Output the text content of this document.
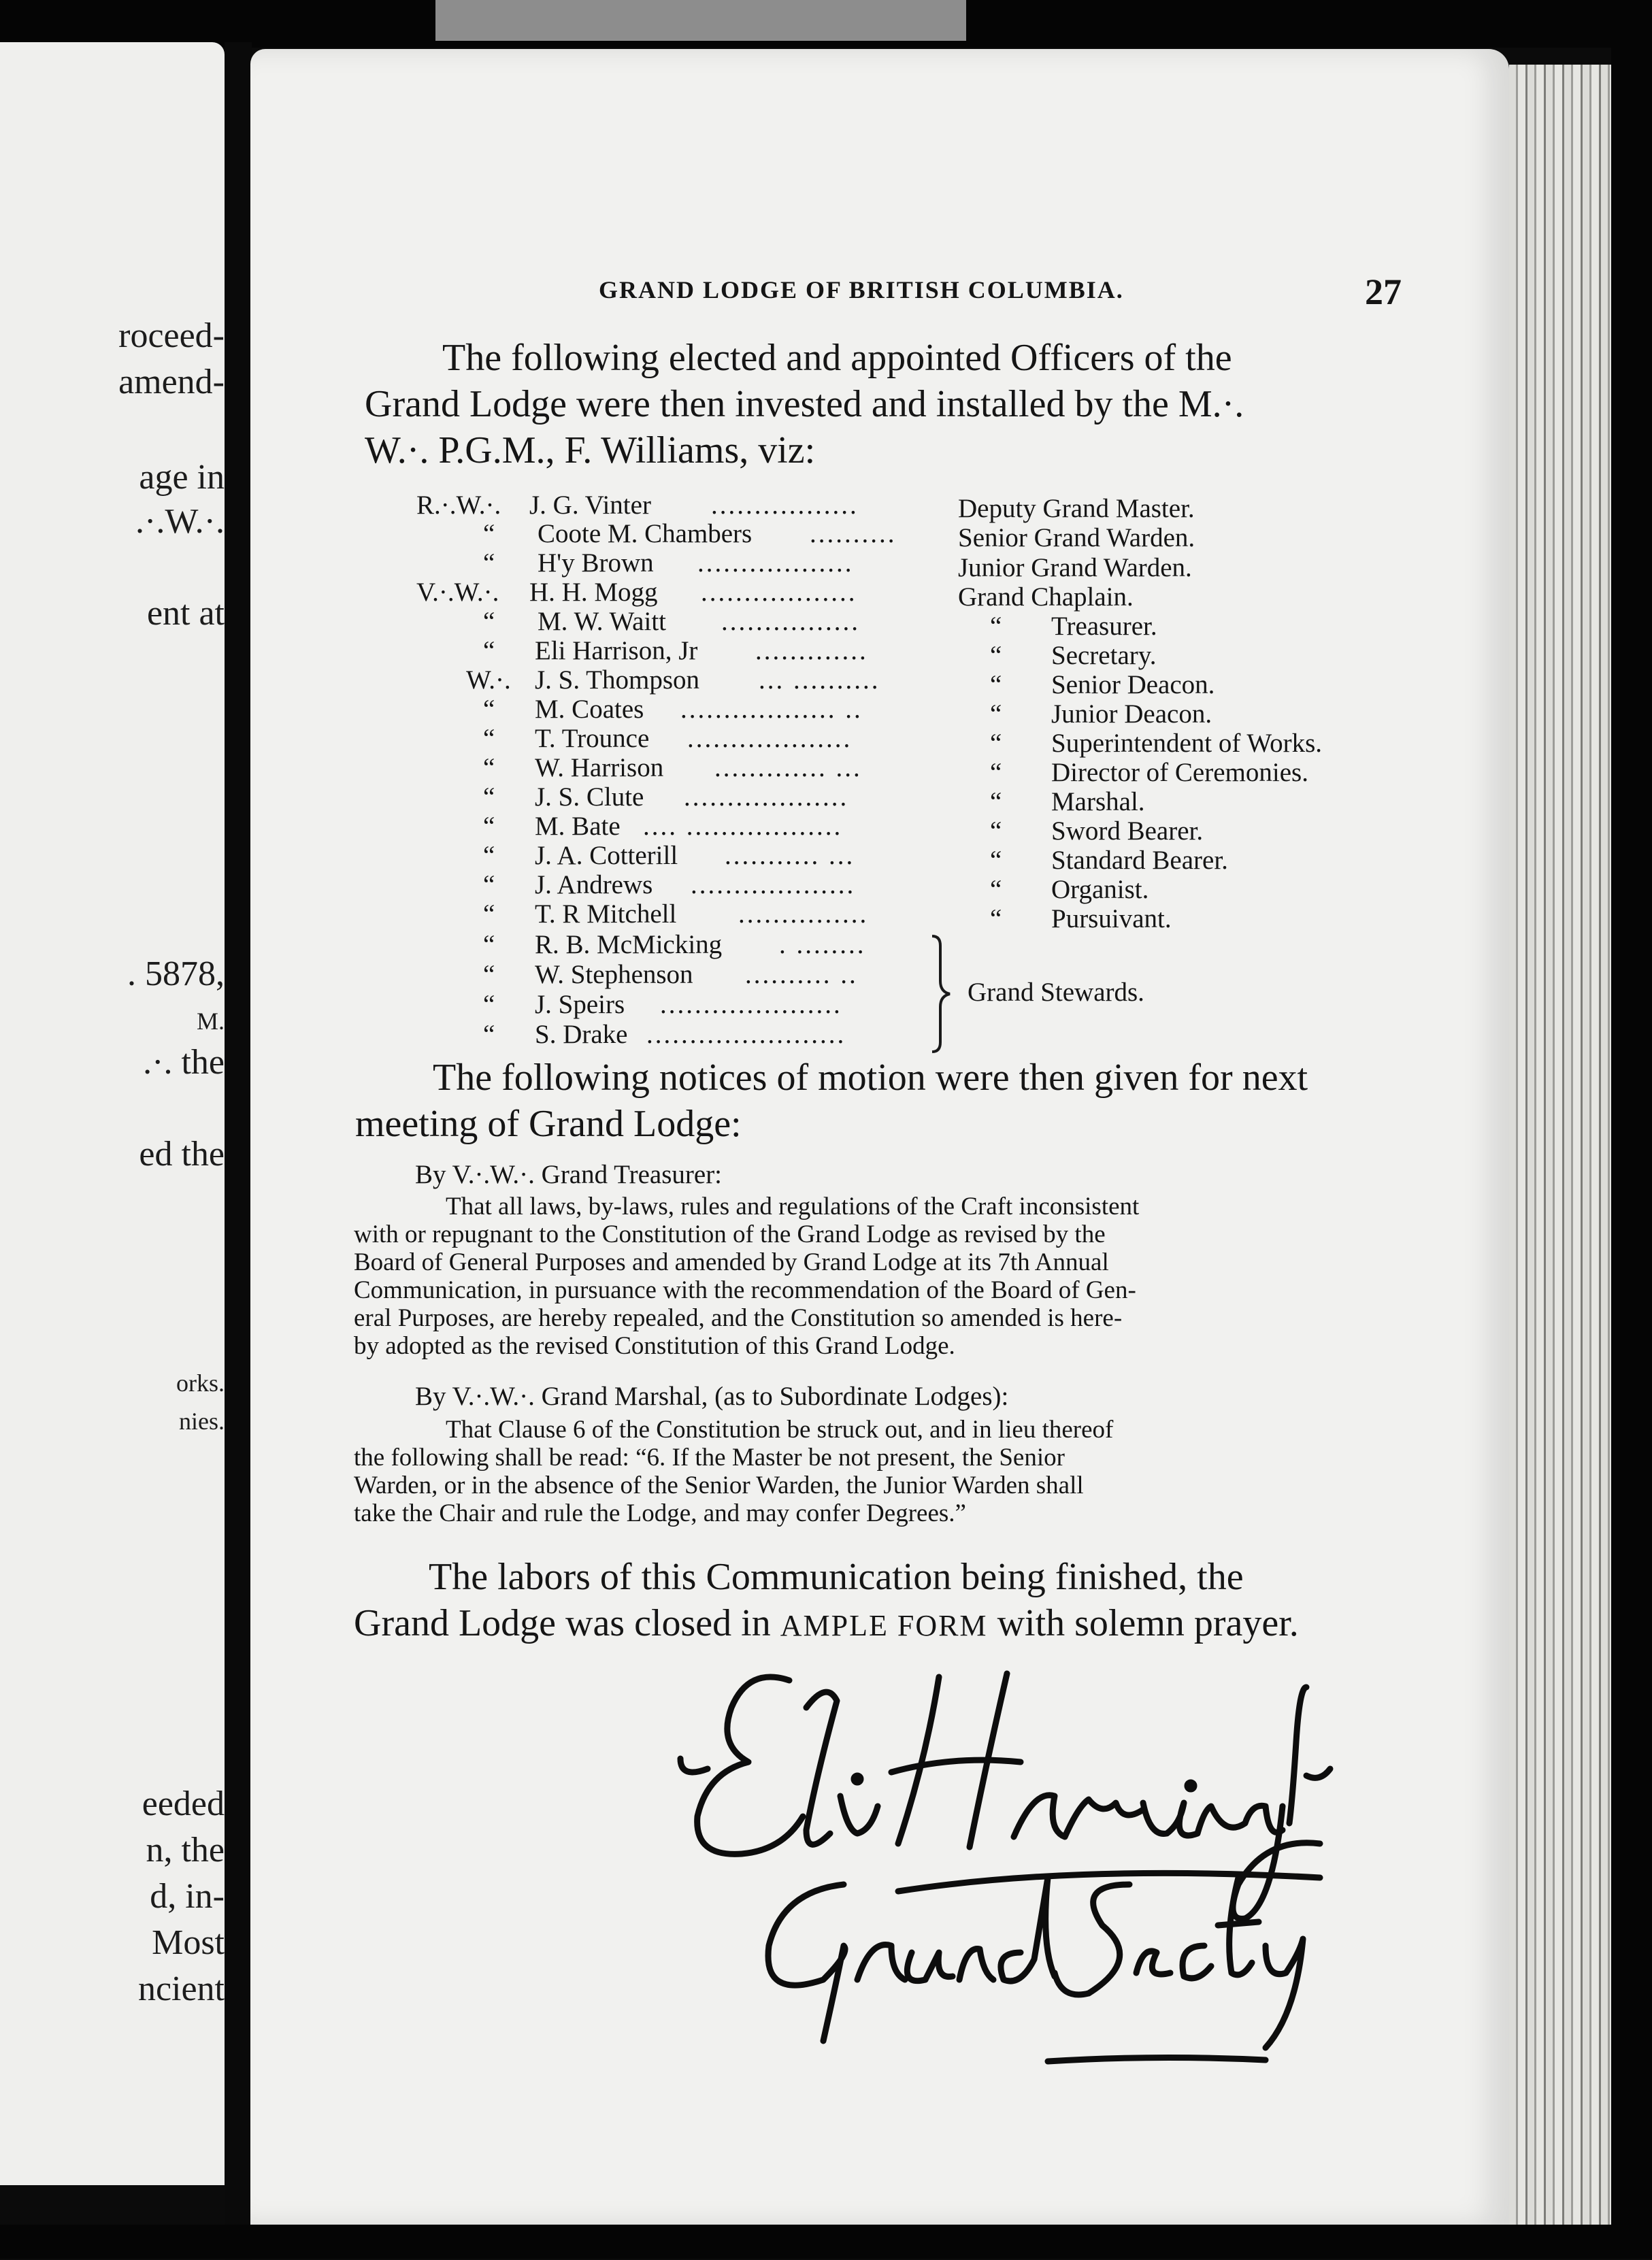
roceed-
amend-
age in
.·.W.·.
ent at
. 5878,
M.
.·. the
ed the
orks.
nies.
eeded
n, the
d, in-
Most
ncient
GRAND LODGE OF BRITISH COLUMBIA.	27
The following elected and appointed Officers of the
Grand Lodge were then invested and installed by the M.·.
W.·. P.G.M., F. Williams, viz:
R.·.W.·. J. G. Vinter .................	Deputy Grand Master.
“ Coote M. Chambers .......... Senior Grand Warden.
“ H'y Brown ..................	Junior Grand Warden.
V.·.W.·. H. H. Mogg ..................	Grand Chaplain.
“ M. W. Waitt ................	“ Treasurer.
“ Eli Harrison, Jr .............	“ Secretary.
W.·. J. S. Thompson ... ..........	“ Senior Deacon.
“ M. Coates .................. ..	“ Junior Deacon.
“ T. Trounce ...................	“ Superintendent of Works.
“ W. Harrison ............. ...	“ Director of Ceremonies.
“ J. S. Clute ...................	“ Marshal.
“ M. Bate .... ..................	“ Sword Bearer.
“ J. A. Cotterill ........... ...	“ Standard Bearer.
“ J. Andrews ...................	“ Organist.
“ T. R Mitchell ...............	“ Pursuivant.
“ R. B. McMicking . ........
“ W. Stephenson .......... ..
“ J. Speirs .....................
“ S. Drake .......................
Grand Stewards.
The following notices of motion were then given for next
meeting of Grand Lodge:
By V.·.W.·. Grand Treasurer:
That all laws, by-laws, rules and regulations of the Craft inconsistent
with or repugnant to the Constitution of the Grand Lodge as revised by the
Board of General Purposes and amended by Grand Lodge at its 7th Annual
Communication, in pursuance with the recommendation of the Board of Gen-
eral Purposes, are hereby repealed, and the Constitution so amended is here-
by adopted as the revised Constitution of this Grand Lodge.
By V.·.W.·. Grand Marshal, (as to Subordinate Lodges):
That Clause 6 of the Constitution be struck out, and in lieu thereof
the following shall be read: “6. If the Master be not present, the Senior
Warden, or in the absence of the Senior Warden, the Junior Warden shall
take the Chair and rule the Lodge, and may confer Degrees.”
The labors of this Communication being finished, the
Grand Lodge was closed in AMPLE FORM with solemn prayer.
